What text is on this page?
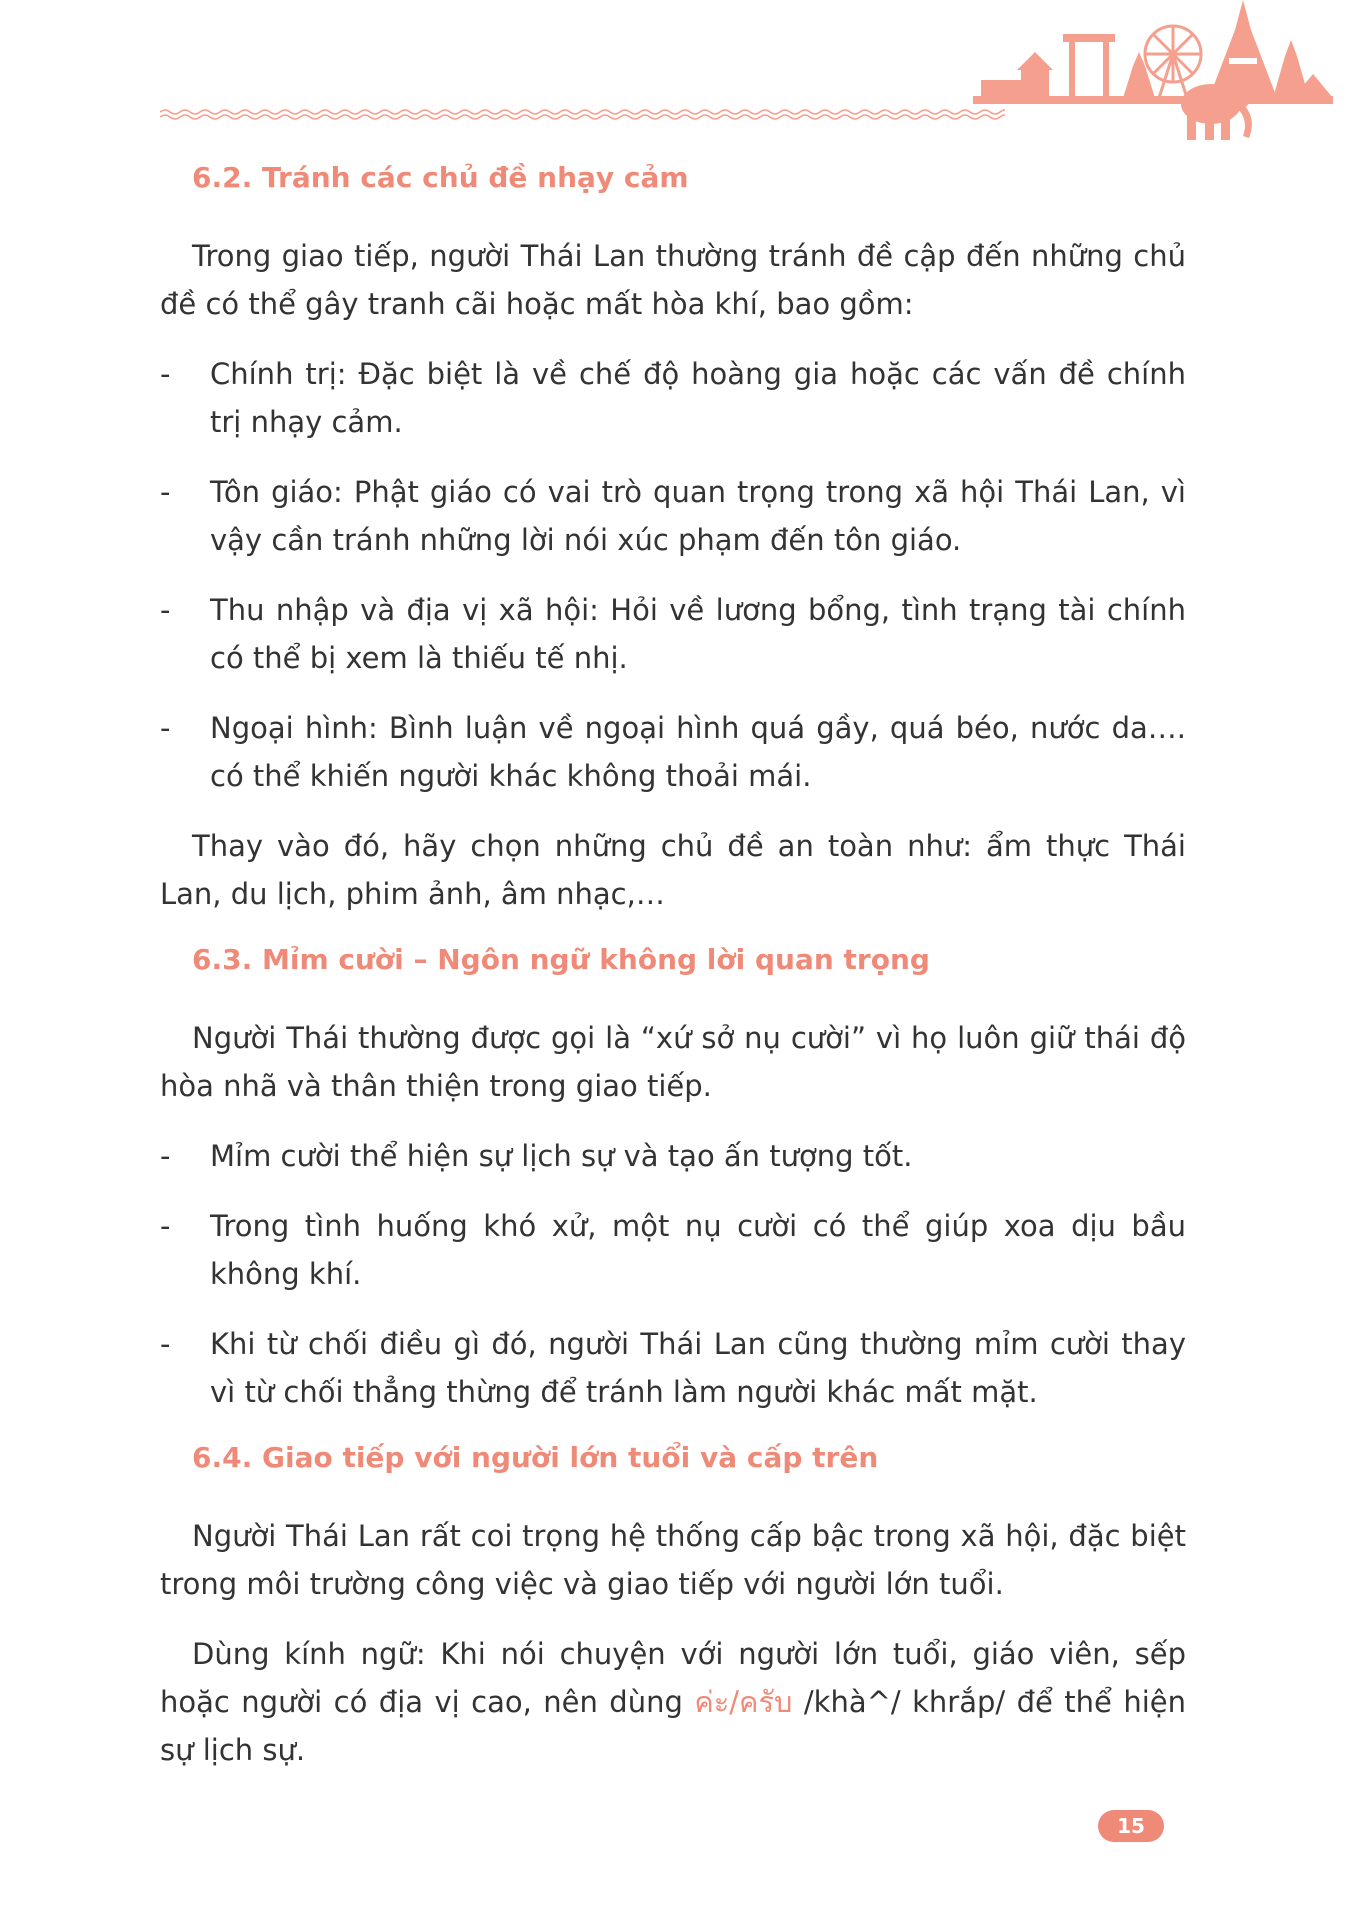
6.2. Tránh các chủ đề nhạy cảm

Trong giao tiếp, người Thái Lan thường tránh đề cập đến những chủ đề có thể gây tranh cãi hoặc mất hòa khí, bao gồm:

- Chính trị: Đặc biệt là về chế độ hoàng gia hoặc các vấn đề chính trị nhạy cảm.
- Tôn giáo: Phật giáo có vai trò quan trọng trong xã hội Thái Lan, vì vậy cần tránh những lời nói xúc phạm đến tôn giáo.
- Thu nhập và địa vị xã hội: Hỏi về lương bổng, tình trạng tài chính có thể bị xem là thiếu tế nhị.
- Ngoại hình: Bình luận về ngoại hình quá gầy, quá béo, nước da…. có thể khiến người khác không thoải mái.

Thay vào đó, hãy chọn những chủ đề an toàn như: ẩm thực Thái Lan, du lịch, phim ảnh, âm nhạc,…

6.3. Mỉm cười – Ngôn ngữ không lời quan trọng

Người Thái thường được gọi là “xứ sở nụ cười” vì họ luôn giữ thái độ hòa nhã và thân thiện trong giao tiếp.

- Mỉm cười thể hiện sự lịch sự và tạo ấn tượng tốt.
- Trong tình huống khó xử, một nụ cười có thể giúp xoa dịu bầu không khí.
- Khi từ chối điều gì đó, người Thái Lan cũng thường mỉm cười thay vì từ chối thẳng thừng để tránh làm người khác mất mặt.
6.4. Giao tiếp với người lớn tuổi và cấp trên

Người Thái Lan rất coi trọng hệ thống cấp bậc trong xã hội, đặc biệt trong môi trường công việc và giao tiếp với người lớn tuổi.

Dùng kính ngữ: Khi nói chuyện với người lớn tuổi, giáo viên, sếp hoặc người có địa vị cao, nên dùng ค่ะ/ครับ /khà^/ khrắp/ để thể hiện sự lịch sự.

15
